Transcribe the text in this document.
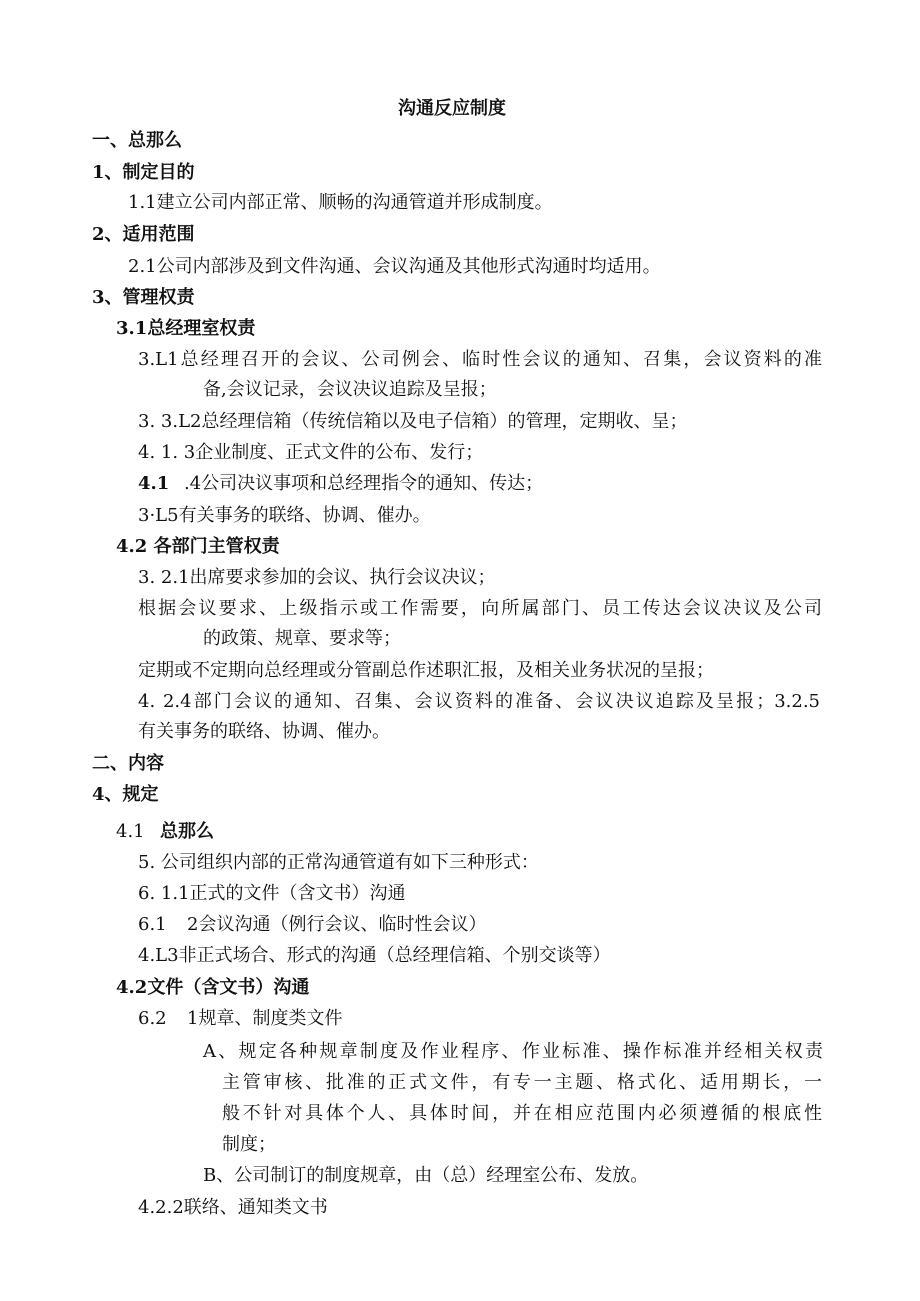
沟通反应制度
一、总那么
1、制定目的
1.1建立公司内部正常、顺畅的沟通管道并形成制度。
2、适用范围
2.1公司内部涉及到文件沟通、会议沟通及其他形式沟通时均适用。
3、管理权责
3.1总经理室权责
3.L1总经理召开的会议、公司例会、临时性会议的通知、召集，会议资料的准
备,会议记录，会议决议追踪及呈报；
3. 3.L2总经理信箱（传统信箱以及电子信箱）的管理，定期收、呈；
4. 1. 3企业制度、正式文件的公布、发行；
4.1 .4公司决议事项和总经理指令的通知、传达；
3·L5有关事务的联络、协调、催办。
4.2 各部门主管权责
3. 2.1出席要求参加的会议、执行会议决议；
根据会议要求、上级指示或工作需要，向所属部门、员工传达会议决议及公司
的政策、规章、要求等；
定期或不定期向总经理或分管副总作述职汇报，及相关业务状况的呈报；
4. 2.4部门会议的通知、召集、会议资料的准备、会议决议追踪及呈报；3.2.5
有关事务的联络、协调、催办。
二、内容
4、规定
4.1 总那么
5. 公司组织内部的正常沟通管道有如下三种形式：
6. 1.1正式的文件（含文书）沟通
6.1 2会议沟通（例行会议、临时性会议）
4.L3非正式场合、形式的沟通（总经理信箱、个别交谈等）
4.2文件（含文书）沟通
6.2 1规章、制度类文件
A、规定各种规章制度及作业程序、作业标准、操作标准并经相关权责
主管审核、批准的正式文件，有专一主题、格式化、适用期长，一
般不针对具体个人、具体时间，并在相应范围内必须遵循的根底性
制度；
B、公司制订的制度规章，由（总）经理室公布、发放。
4.2.2联络、通知类文书
